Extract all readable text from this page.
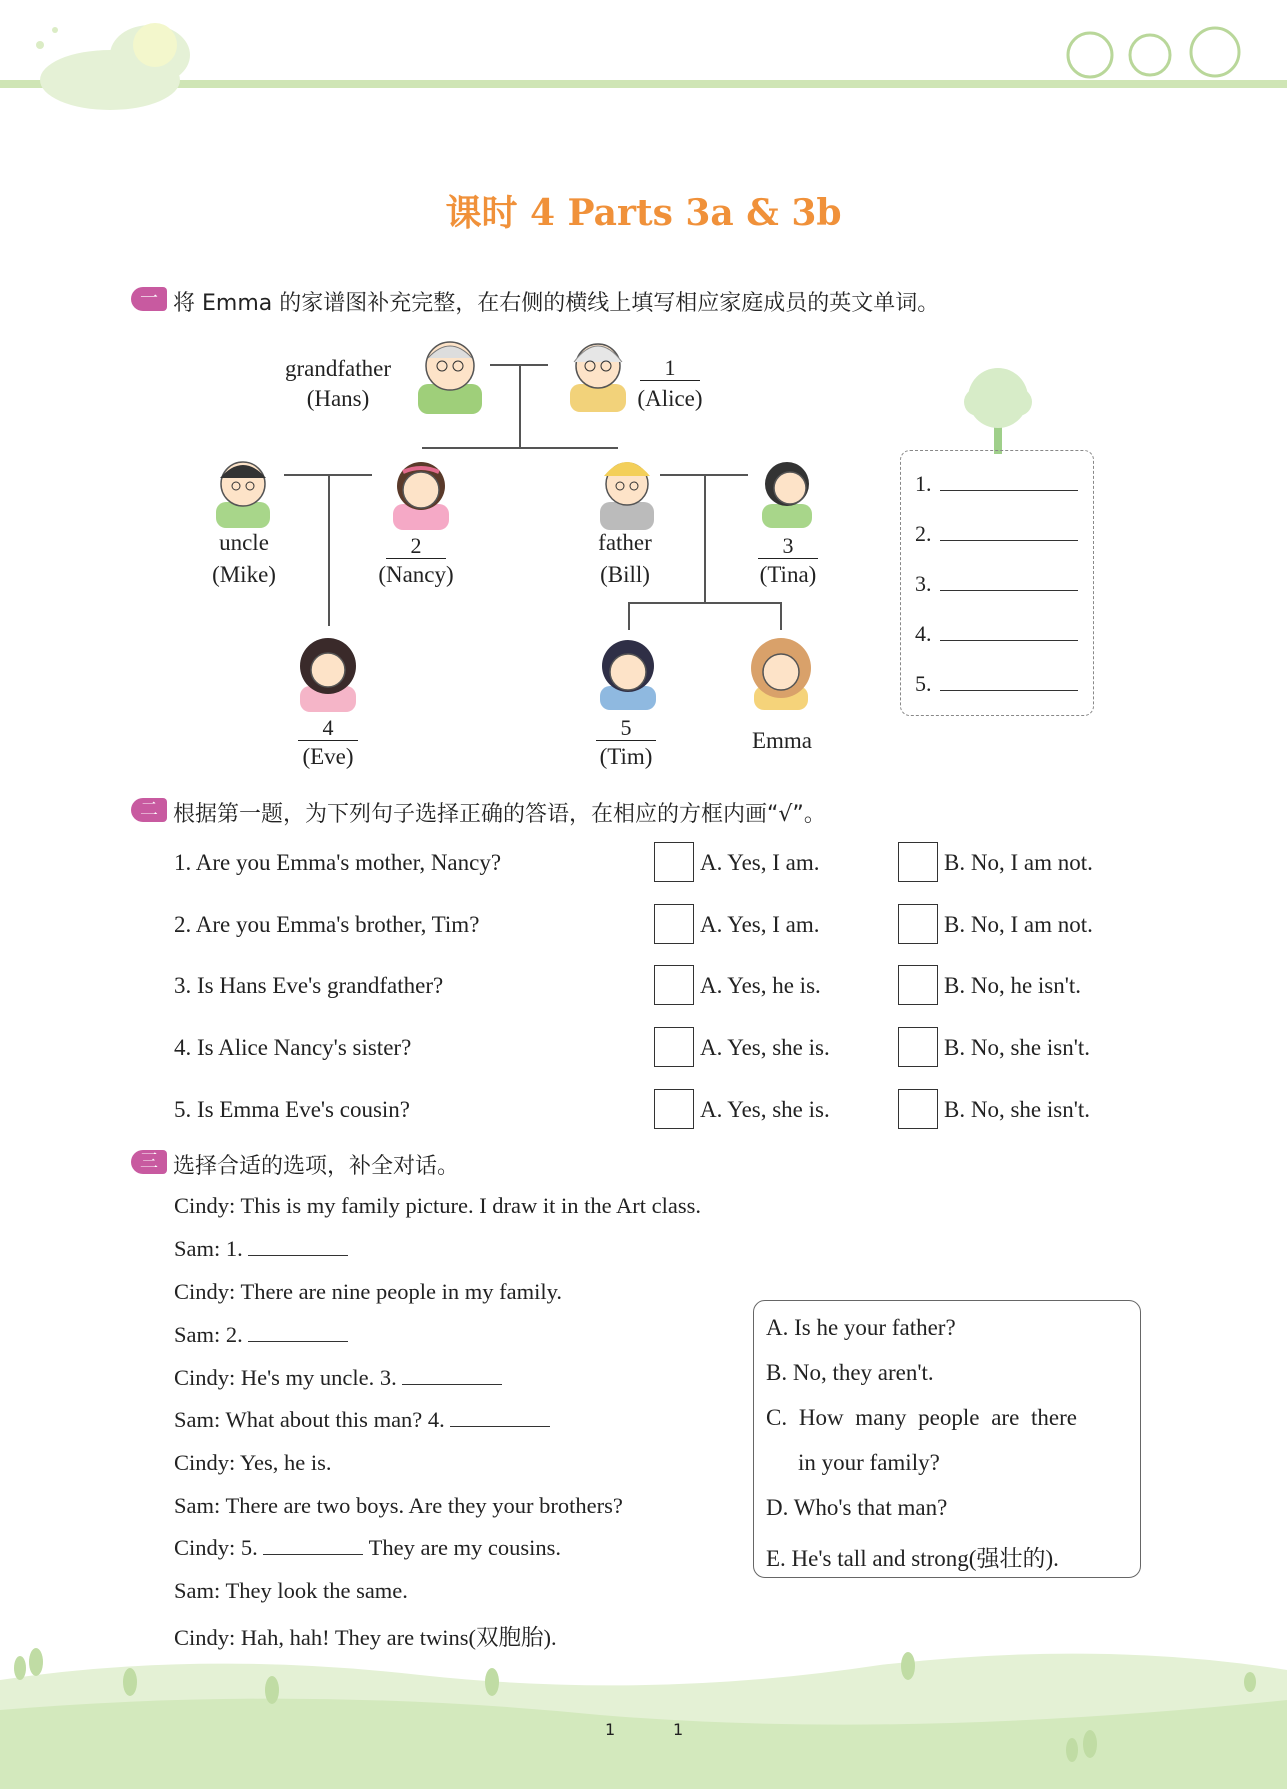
课时 4 Parts 3a & 3b
一 将 Emma 的家谱图补充完整，在右侧的横线上填写相应家庭成员的英文单词。
grandfather
(Hans)
1
(Alice)
uncle
(Mike)
2
(Nancy)
father
(Bill)
3
(Tina)
4
(Eve)
5
(Tim)
Emma
1.
2.
3.
4.
5.
二 根据第一题，为下列句子选择正确的答语，在相应的方框内画“√”。
1. Are you Emma's mother, Nancy?	A. Yes, I am.	B. No, I am not.
2. Are you Emma's brother, Tim?	A. Yes, I am.	B. No, I am not.
3. Is Hans Eve's grandfather?	A. Yes, he is.	B. No, he isn't.
4. Is Alice Nancy's sister?	A. Yes, she is.	B. No, she isn't.
5. Is Emma Eve's cousin?	A. Yes, she is.	B. No, she isn't.
三 选择合适的选项，补全对话。
Cindy: This is my family picture. I draw it in the Art class.
Sam: 1.
Cindy: There are nine people in my family.
Sam: 2.
Cindy: He's my uncle. 3.
Sam: What about this man? 4.
Cindy: Yes, he is.
Sam: There are two boys. Are they your brothers?
Cindy: 5.	They are my cousins.
Sam: They look the same.
Cindy: Hah, hah! They are twins(双胞胎).
A. Is he your father?
B. No, they aren't.
C. How many people are there
in your family?
D. Who's that man?
E. He's tall and strong(强壮的).
1	1
